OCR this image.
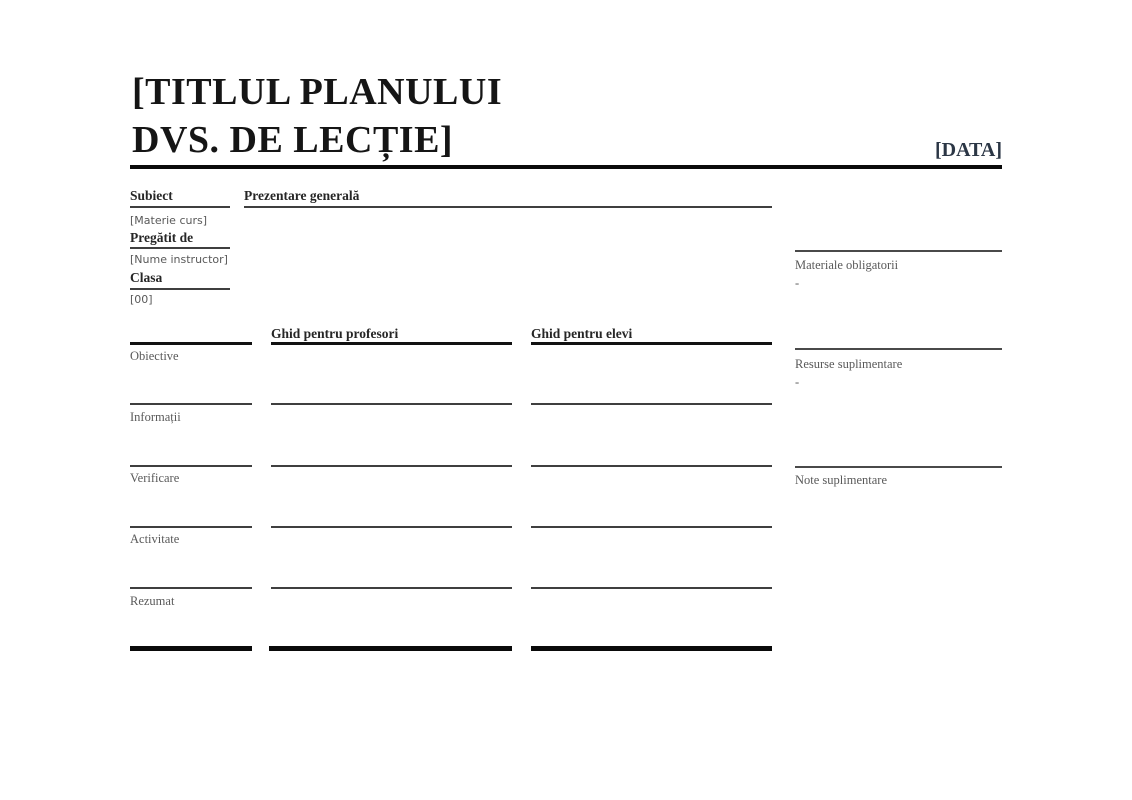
[TITLUL PLANULUI
DVS. DE LECȚIE]	[DATA]
Subiect
[Materie curs]
Pregătit de
[Nume instructor]
Clasa
[00]
Prezentare generală
Materiale obligatorii
-
Resurse suplimentare
-
Note suplimentare
Ghid pentru profesori	Ghid pentru elevi
Obiective
Informații
Verificare
Activitate
Rezumat
